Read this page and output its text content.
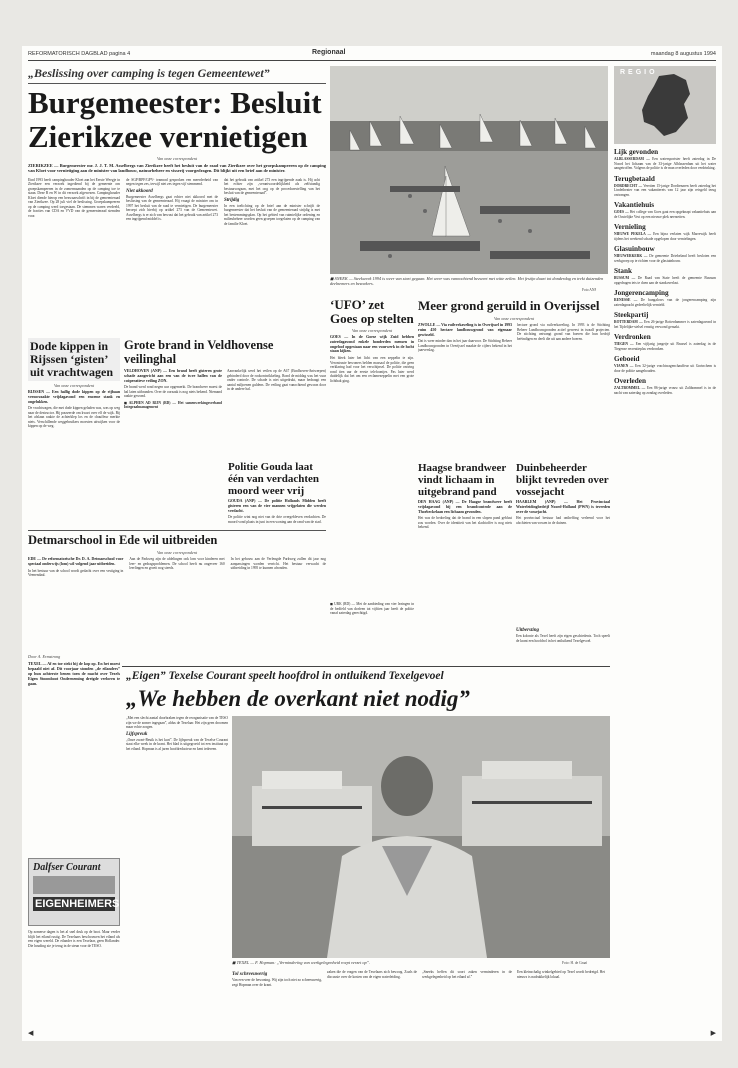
REFORMATORISCH DAGBLAD pagina 4	Regionaal	maandag 8 augustus 1994
„Beslissing over camping is tegen Gemeentewet”
Burgemeester: Besluit
Zierikzee vernietigen
Van onze correspondent
ZIERIKZEE — Burgemeester mr. J. J. T. M. Asselbergs van Zierikzee heeft het besluit van de raad van Zierikzee over het groepskampeeren op de camping van Kloet voor vernietiging aan de minister van landbouw, natuurbeheer en visserij voorgedragen. Dit blijkt uit een brief aan de minister.
Eind 1993 heeft campinghouder Kloet aan het Eerste Weegje in Zierikzee een verzoek ingediend bij de gemeente om groepskampeeren in de zomermaanden op de camping toe te staan. Deze R en W in dit verzoek afgewezen. Campinghouder Kloet diende hierop een bezwaarschrift in bij de gemeenteraad van Zierikzee. Op 28 juli viel de beslissing. Groepskampeeren op de camping werd toegestaan. De stemmen waren verdeeld, de fracties van CDA en VVD van de gemeenteraad stemden voor.
de SGP/RPF/GPV- teamrad gesproken een meerderheid van negen tegen zes, terwijl niet zes tegen vijf stemmend.
Niet akkoord
Burgemeester Asselbergs gaat echter niet akkoord met de beslissing van de gemeenteraad. Hij vraagt de minister om in 1997 het besluit van de raad te vernietigen. De burgemeester beroept zich hierbij op artikel 273 van de Gemeentewet. Asselbergs is er zich van bewust dat het gebruik van artikel 273 een ingrijpend middel is.
dat het gebruik van artikel 273 een ingrijpende zaak is. Hij acht het echter zijn „verantwoordelijkheid als zelfstandig bestuursorgaan, met het oog op de procedurestelling van het besluit van de gemeenteraad”.
Strijdig
In een toelichting op de brief aan de minister schrijft de burgemeester dat het besluit van de gemeenteraad strijdig is met het bestemmingsplan. Op het gebied van ruimtelijke ordening en milieubeheer worden geen groepen toegelaten op de camping van de familie Kloet.
◼ SNEEK — Steekweek 1994 is weer van start gegaan. Het weer was vannochtend bezweet met witte zeilen. Het festijn duurt tot donderdag en trekt duizenden deelnemers en bezoekers.
Foto ANP
REGIO
Lijk gevonden
ALBLASSERDAM — Een watersportster heeft zaterdag in De Noord het lichaam van de 33-jarige Alblasserdam uit het water aangetroffen. Volgens de politie is de man overleden door verdrinking.
Terugbetaald
DORDRECHT — Veertien 15-jarige Dordtenaren heeft zaterdag het Lindetheater van een vakantiereis van 12 jaar zijn reisgeld terug ontvangen.
Vakantiehuis
GOES — Het college van Goes gaat een opgeknapt vakantiehuis aan de Oostelijke Vest op een nieuwe plek neerzetten.
Vernieling
NIEUWE PEKELA — Een bijna verlaten wijk Marrewijk heeft tijdens het weekend schade opgelopen door vernielingen.
Glasuinbouw
NIEUWERKERK — De gemeente Driebeland heeft besloten een werkgroep op te richten voor de glastuinbouw.
Stank
BUSSUM — De Raad van State heeft de gemeente Bussum opgedragen iets te doen aan de stankoverlast.
Jongerencamping
RENESSE — De bungalows van de jongerencamping zijn zaterdagnacht gedeeltelijk vernield.
Steekpartij
ROTTERDAM — Een 26-jarige Rotterdammer is zaterdagavond in het Tijdelijke-stelsel ernstig verwond geraakt.
Verdronken
TIEGEN — Een vijfjarig jongetje uit Brussel is zaterdag in de Tiegense recreatieplas verdronken.
Geboeid
VIANEN — Een 32-jarige vrachtwagenchauffeur uit Gorinchem is door de politie aangehouden.
Overleden
ZALTBOMMEL — Een 86-jarige vrouw uit Zaltbommel is in de nacht van zaterdag op zondag overleden.
Dode kippen in Rijssen ‘gisten’ uit vrachtwagen
Van onze correspondent
RIJSSEN — Een hallig dode kippen op de rijbaan veroorzaakte vrijdagavond een enorme stank en ongelukken.
De vrachtwagen, die met dode kippen geladen was, was op weg naar de destructor. Hij passeerde om kwart over elf de wijk. Bij het afslaan raakte de achterklep los en de chauffeur merkte niets. Verschillende weggebruikers moesten uitwijken voor de kippen op de weg.
Grote brand in Veldhovense veilinghal
VELDHOVEN (ANP) — Een brand heeft gisteren grote schade aangericht aan een van de twee hallen van de coöperatieve veiling ZON.
De brand werd rond negen uur opgemerkt. De brandweer moest de hal laten uitbranden. Over de oorzaak is nog niets bekend. Niemand raakte gewond.
◼ ALPHEN AD RIJN (RD) — Het samenwerkingsverband Integraalmanagement
Aanvankelijk werd het veilen op de A67 (Eindhoven-Antwerpen) gehinderd door de rookontwikkeling. Rond de middag was het vuur onder controle. De schade is niet uitgedrukt, maar bedraagt een aantal miljoenen guldens. De veiling gaat vanochtend gewoon door in de andere hal.
Detmarschool in Ede wil uitbreiden
Van onze correspondent
EDE — De reformatorische Dr. D. A. Detmarschool voor speciaal onderwijs (lom) wil volgend jaar uitbreiden.
In het bestuur van de school wordt gedacht over een vestiging in Veenendaal.
Aan de Parkweg zijn de afdelingen ook lom voor kinderen met leer- en gedragsproblemen. De school heeft nu ongeveer 160 leerlingen en groeit nog steeds.
In het gebouw aan de Verlengde Parkweg zullen dit jaar nog aanpassingen worden verricht. Het bestuur verwacht de uitbreiding in 1995 te kunnen afronden.
‘UFO’ zet Goes op stelten
Van onze correspondent
GOES — In de Goese wijk Zuid hebben zaterdagavond enkele honderden mensen in ongeloof opgestaan naar een vuurwerk in de lucht staan kijken.
Het bleek later het licht van een zeppelin te zijn. Verontruste bewoners belden massaal de politie, die geen verklaring had voor het verschijnsel. De politie ontving rond tien uur de eerste telefoontjes. Pas later werd duidelijk dat het om een reclamezeppelin met een grote lichtbak ging.
Meer grond geruild in Overijssel
Van onze correspondent
ZWOLLE — Via ruilverkaveling is in Overijssel in 1993 ruim 450 hectare landbouwgrond van eigenaar gewisseld.
Dat is weer minder dan in het jaar daarvoor. De Stichting Beheer Landbouwgronden in Overijssel maakte de cijfers bekend in het jaarverslag.
hectare grond via ruilverkaveling. In 1993 is de Stichting Beheer Landbouwgronden actief geweest in twaalf projecten. De stichting ontvangt grond van boeren die hun bedrijf beëindigen en deelt die uit aan andere boeren.
Politie Gouda laat één van verdachten moord weer vrij
GOUDA (ANP) — De politie Hollands Midden heeft gisteren een van de vier mannen vrijgelaten die werden verdacht.
De politie wint nog niet van de drie overgebleven verdachten. De moord vond plaats in juni in een woning aan de rand van de stad.
◼ URK (RD) — Met de aanbieding van vier lezingen in de bedfeld van dorfeen tot vijftien jaar heeft de politie vanaf zaterdag gerechtigd.
Haagse brandweer vindt lichaam in uitgebrand pand
DEN HAAG (ANP) — De Haagse brandweer heeft vrijdagavond bij een brandcontrole aan de Thorbeckelaan een lichaam gevonden.
Het was de bedoeling dat de brand in een slopen pand geblust zou worden. Over de identiteit van het slachtoffer is nog niets bekend.
Duinbeheerder blijkt tevreden over vossejacht
HAARLEM (ANP) — Het Provinciaal Waterleidingbedrijf Noord-Holland (PWN) is tevreden over de vossejacht.
Het provinciaal bestuur had ontheffing verleend voor het afschieten van vossen in de duinen.
„Eigen” Texelse Courant speelt hoofdrol in ontluikend Texelgevoel
„We hebben de overkant niet nodig”
Door A. Ermstrong
TEXEL — Af en toe stekt hij de kop op. En het moest bepaald niet af. Dit voorjaar stonden „de eilanders” op hun achterste benen toen de macht over Texels Eigen Stoomboot Onderneming dreigde verloren te gaan.
Dalfser Courant
EIGENHEIMERS
Op zomerse dagen is het al snel druk op de boot. Maar verder blijft het eiland rustig. De Texelaars beschouwen het eiland als een eigen wereld. De eilander is een Texelaar, geen Hollander. Die houding zie je terug in de steun voor de TESO.
„Met een slecht aantal doorbraken tegen de reorganisatie van de TESO zijn we de zomer ingegaan”, aldus de Texelaar. Het zijn geen droomen maar echte zorgen.
Lijfspreuk
„Onze zwart-Beuik is het kurt”. De lijfspreuk van de Texelse Courant staat elke week in de krant. Het blad is uitgegroeid tot een instituut op het eiland. Hopman is al jaren hoofdredacteur en kent iedereen.
◼ TEXEL — F. Hopman: „Verminderïng van werkgelegenheid roept verzet op”.	Foto: H. de Graaf
Tol schreeuwerig
Van een veer de bewoning. Wij zijn toch niet zo schreeuwerig, zegt Hopman over de krant.
zaken die de vragen van de Texelaars zich bewoog. Zoals de discussie over de kosten van de eigen waterleiding.
„Sneeks heffen dit soort zaken verminderen in de werkgelegenheid op het eiland af.”
Een kleinschalig winkelgebied op Texel wordt bedreigd. Het nieuws is nadrukkelijk lokaal.
Uitbersting
Een kolonie als Texel heeft zijn eigen geschiedenis. Toch speelt de krant een hoofdrol in het ontluikend Texelgevoel.
◀	▶
